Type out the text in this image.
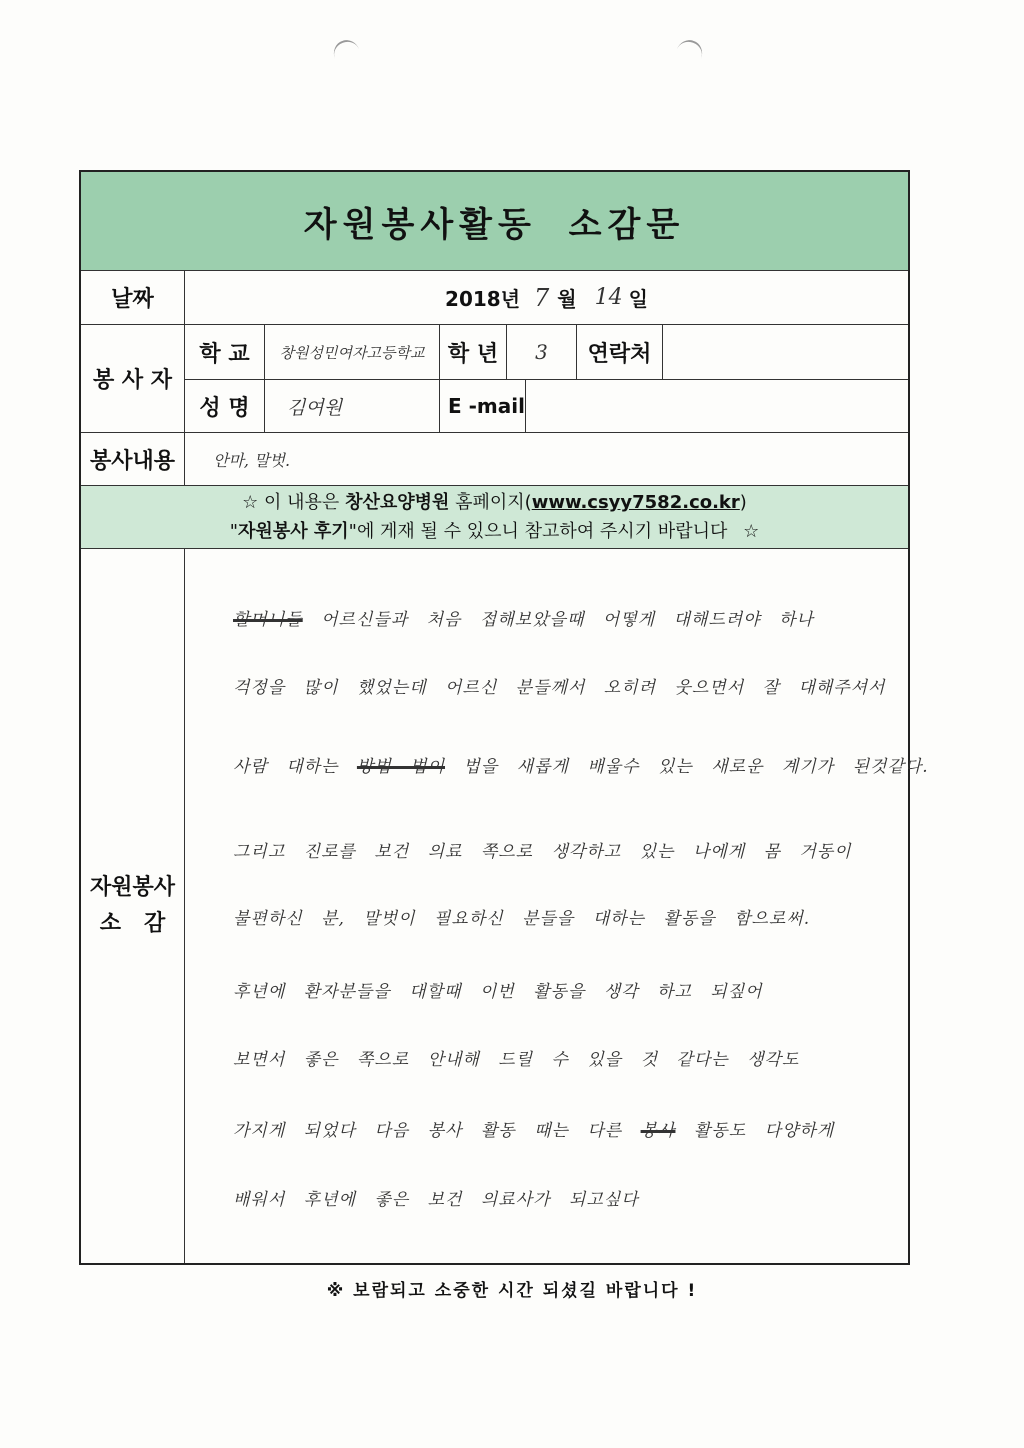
자원봉사활동 소감문
날짜	2018년 7 월 14 일
봉 사 자
학 교	창원성민여자고등학교	학 년	3	연락처
성 명	김여원	E -mail
봉사내용	안마, 말벗.
☆ 이 내용은 창산요양병원 홈페이지(www.csyy7582.co.kr)
"자원봉사 후기"에 게재 될 수 있으니 참고하여 주시기 바랍니다 ☆
자원봉사
소   감
할머니들 어르신들과 처음 접해보았을때 어떻게 대해드려야 하나
걱정을 많이 했었는데 어르신 분들께서 오히려 웃으면서 잘 대해주셔서
사람 대하는 방법 법이 법을 새롭게 배울수 있는 새로운 계기가 된것같다.
그리고 진로를 보건 의료 쪽으로 생각하고 있는 나에게 몸 거동이
불편하신 분, 말벗이 필요하신 분들을 대하는 활동을 함으로써.
후년에 환자분들을 대할때 이번 활동을 생각 하고 되짚어
보면서 좋은 쪽으로 안내해 드릴 수 있을 것 같다는 생각도
가지게 되었다 다음 봉사 활동 때는 다른 봉사 활동도 다양하게
배워서 후년에 좋은 보건 의료사가 되고싶다
※ 보람되고 소중한 시간 되셨길 바랍니다 !
